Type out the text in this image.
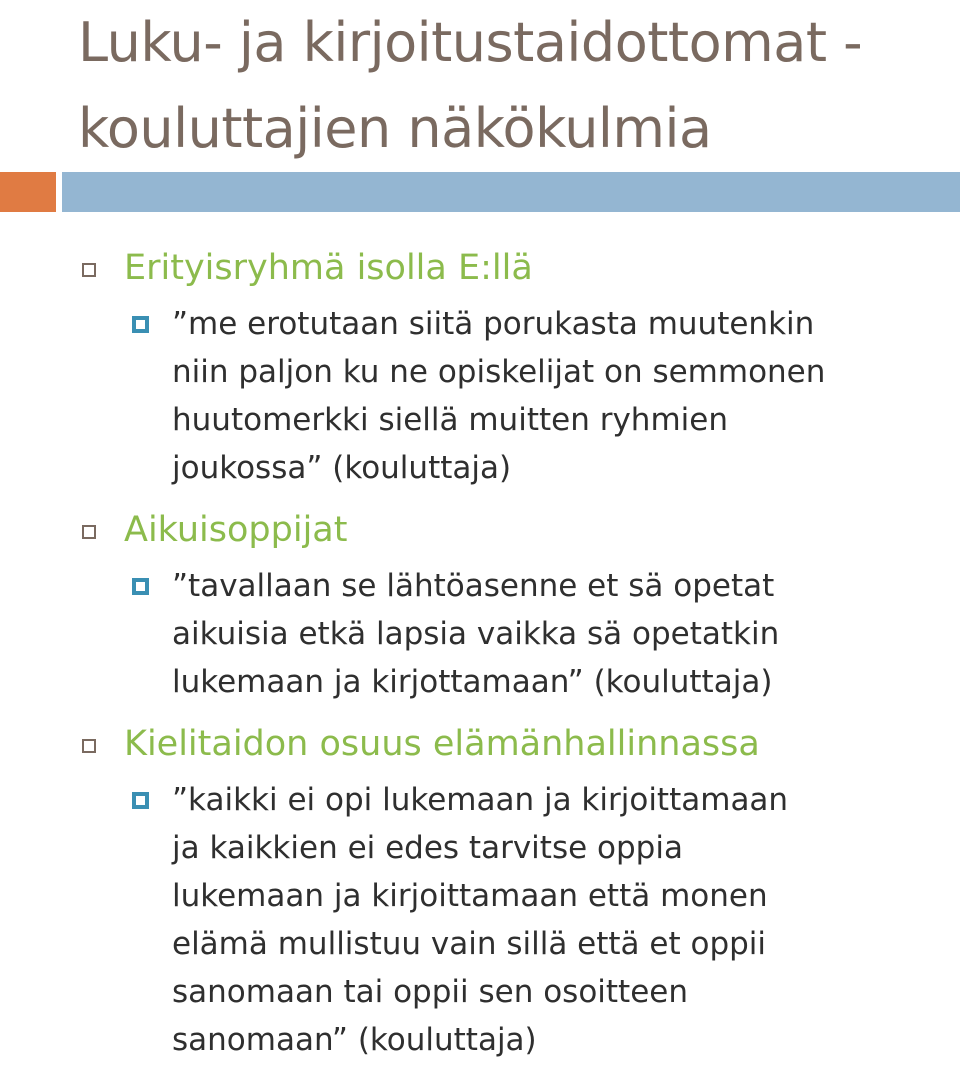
Luku- ja kirjoitustaidottomat -
kouluttajien näkökulmia
Erityisryhmä isolla E:llä
”me erotutaan siitä porukasta muutenkin
niin paljon ku ne opiskelijat on semmonen
huutomerkki siellä muitten ryhmien
joukossa” (kouluttaja)
Aikuisoppijat
”tavallaan se lähtöasenne et sä opetat
aikuisia etkä lapsia vaikka sä opetatkin
lukemaan ja kirjottamaan” (kouluttaja)
Kielitaidon osuus elämänhallinnassa
”kaikki ei opi lukemaan ja kirjoittamaan
ja kaikkien ei edes tarvitse oppia
lukemaan ja kirjoittamaan että monen
elämä mullistuu vain sillä että et oppii
sanomaan tai oppii sen osoitteen
sanomaan” (kouluttaja)
